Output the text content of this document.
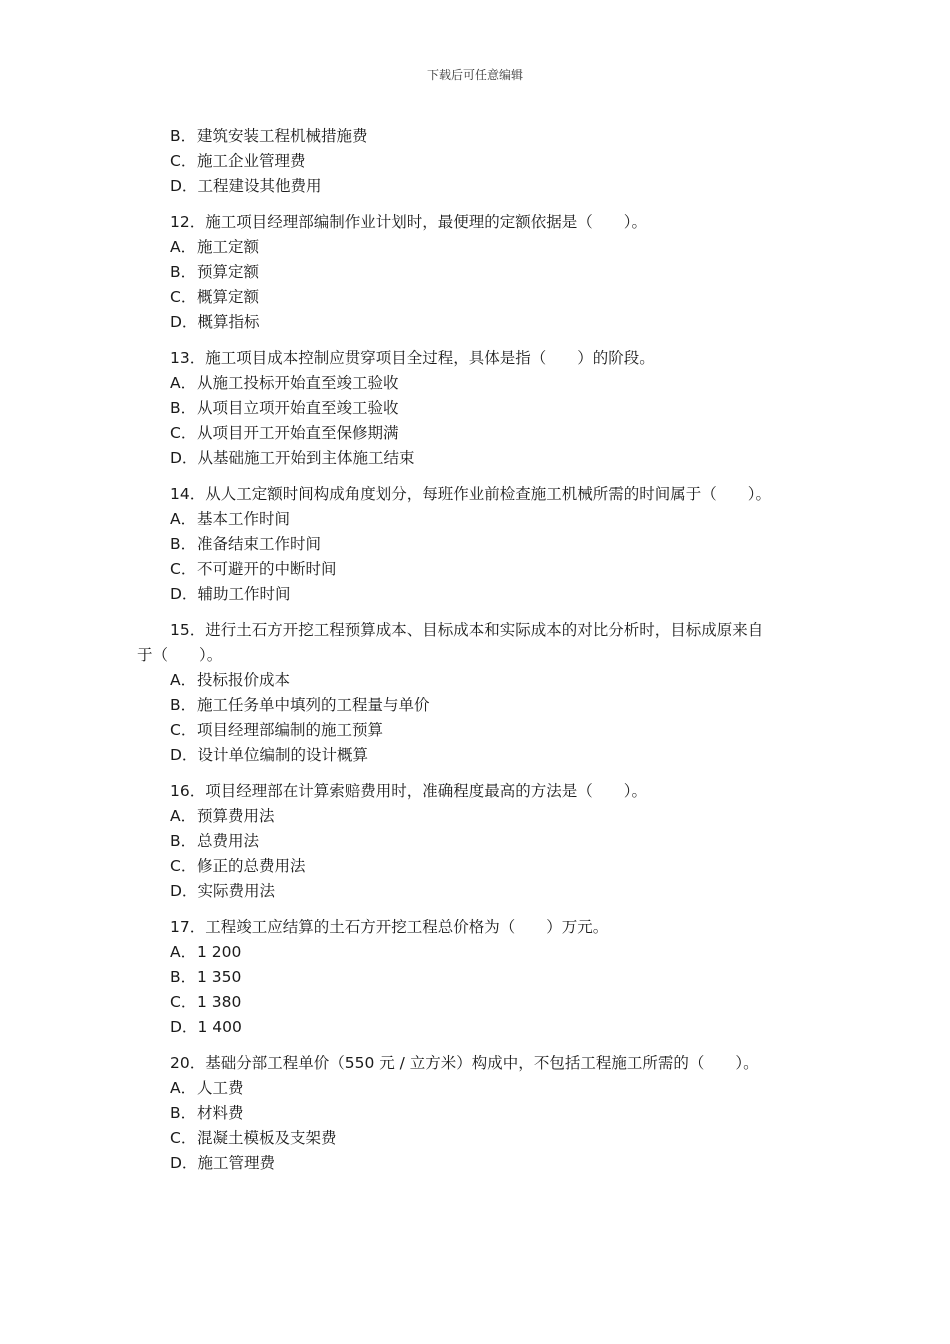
下载后可任意编辑
B．建筑安装工程机械措施费
C．施工企业管理费
D．工程建设其他费用
12．施工项目经理部编制作业计划时，最便理的定额依据是（　　）。
A．施工定额
B．预算定额
C．概算定额
D．概算指标
13．施工项目成本控制应贯穿项目全过程，具体是指（　　）的阶段。
A．从施工投标开始直至竣工验收
B．从项目立项开始直至竣工验收
C．从项目开工开始直至保修期满
D．从基础施工开始到主体施工结束
14．从人工定额时间构成角度划分，每班作业前检查施工机械所需的时间属于（　　）。
A．基本工作时间
B．准备结束工作时间
C．不可避开的中断时间
D．辅助工作时间
15．进行土石方开挖工程预算成本、目标成本和实际成本的对比分析时，目标成原来自
于（　　）。
A．投标报价成本
B．施工任务单中填列的工程量与单价
C．项目经理部编制的施工预算
D．设计单位编制的设计概算
16．项目经理部在计算索赔费用时，准确程度最高的方法是（　　）。
A．预算费用法
B．总费用法
C．修正的总费用法
D．实际费用法
17．工程竣工应结算的土石方开挖工程总价格为（　　）万元。
A．1 200
B．1 350
C．1 380
D．1 400
20．基础分部工程单价（550 元 / 立方米）构成中，不包括工程施工所需的（　　）。
A．人工费
B．材料费
C．混凝土模板及支架费
D．施工管理费
